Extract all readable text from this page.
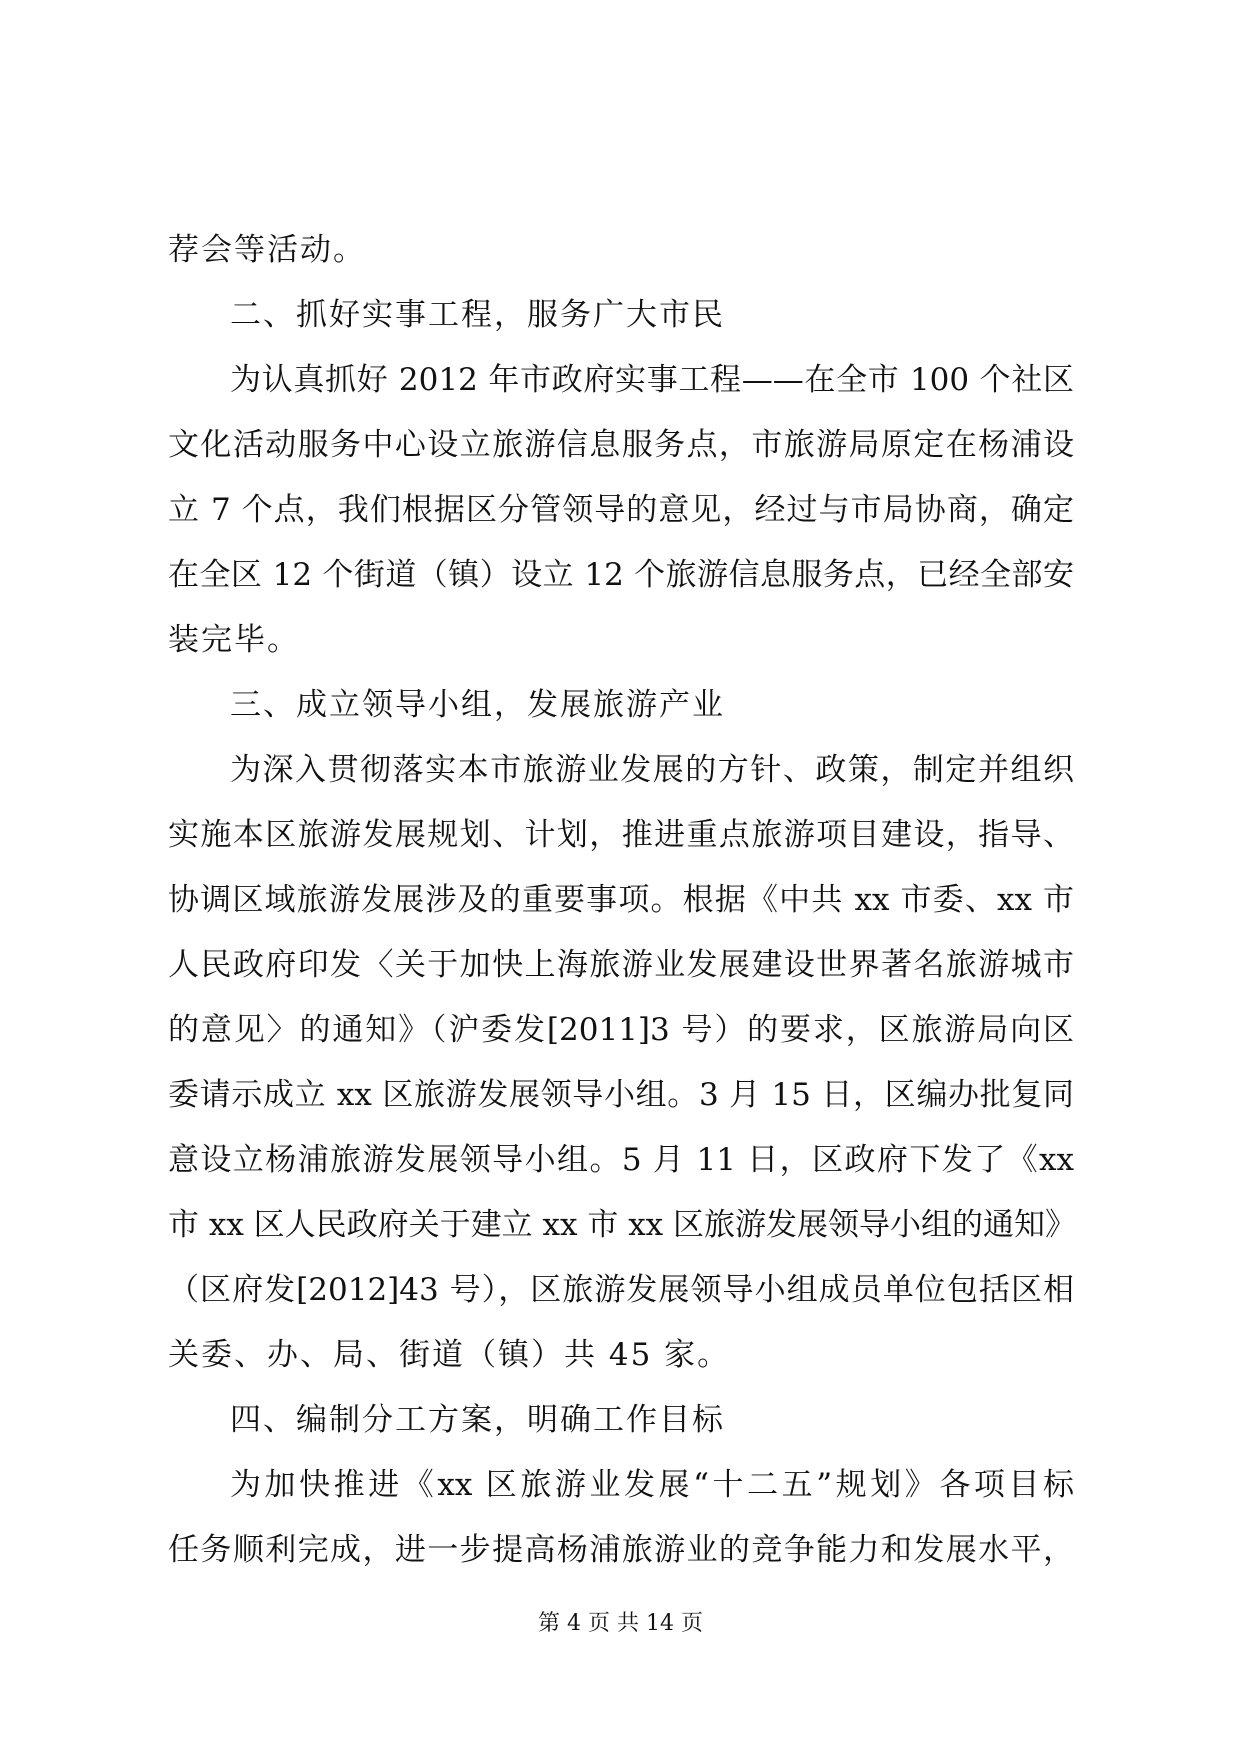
荐会等活动。
二、抓好实事工程，服务广大市民
为认真抓好 2012 年市政府实事工程——在全市 100 个社区
文化活动服务中心设立旅游信息服务点，市旅游局原定在杨浦设
立 7 个点，我们根据区分管领导的意见，经过与市局协商，确定
在全区 12 个街道（镇）设立 12 个旅游信息服务点，已经全部安
装完毕。
三、成立领导小组，发展旅游产业
为深入贯彻落实本市旅游业发展的方针、政策，制定并组织
实施本区旅游发展规划、计划，推进重点旅游项目建设，指导、
协调区域旅游发展涉及的重要事项。根据《中共 xx 市委、xx 市
人民政府印发〈关于加快上海旅游业发展建设世界著名旅游城市
的意见〉的通知》（沪委发[2011]3 号）的要求，区旅游局向区
委请示成立 xx 区旅游发展领导小组。3 月 15 日，区编办批复同
意设立杨浦旅游发展领导小组。5 月 11 日，区政府下发了《xx
市 xx 区人民政府关于建立 xx 市 xx 区旅游发展领导小组的通知》
（区府发[2012]43 号），区旅游发展领导小组成员单位包括区相
关委、办、局、街道（镇）共 45 家。
四、编制分工方案，明确工作目标
为加快推进《xx 区旅游业发展“十二五”规划》各项目标
任务顺利完成，进一步提高杨浦旅游业的竞争能力和发展水平，
第 4 页 共 14 页
